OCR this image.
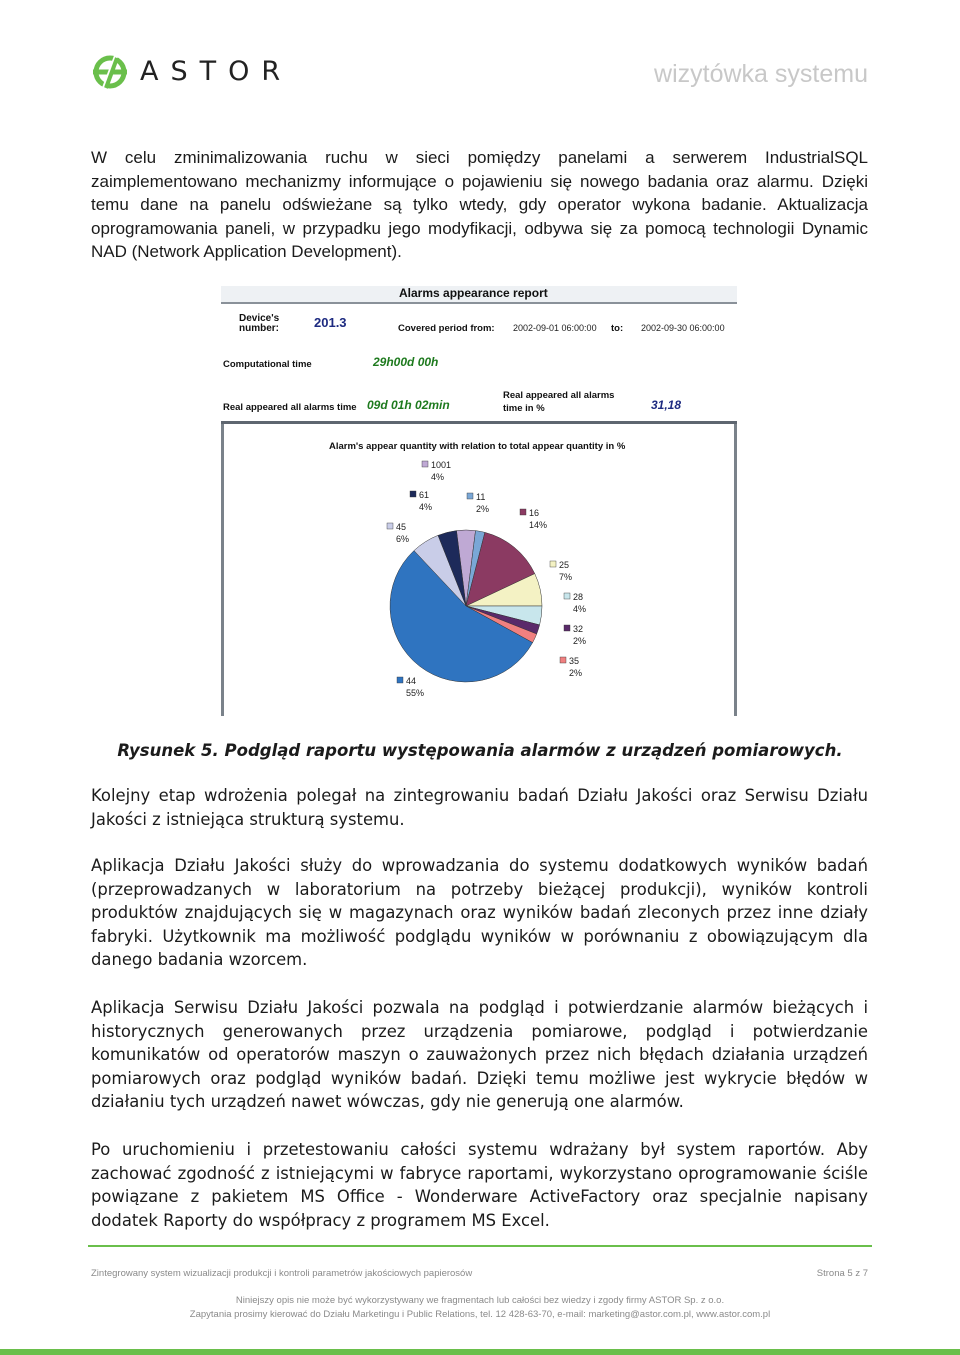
ASTOR	wizytówka systemu
W celu zminimalizowania ruchu w sieci pomiędzy panelami a serwerem IndustrialSQL zaimplementowano mechanizmy informujące o pojawieniu się nowego badania oraz alarmu. Dzięki temu dane na panelu odświeżane są tylko wtedy, gdy operator wykona badanie. Aktualizacja oprogramowania paneli, w przypadku jego modyfikacji, odbywa się za pomocą technologii Dynamic NAD (Network Application Development).
Alarms appearance report
Device's
number:	201.3	Covered period from: 2002-09-01 06:00:00 to: 2002-09-30 06:00:00
Computational time	29h00d 00h
Real appeared all alarms time 09d 01h 02min
Real appeared all alarms
time in %	31,18
Alarm's appear quantity with relation to total appear quantity in %
1001
4%
11
2%	16
14%
25
7%
28
4%
32
2%
35
2%
44
55%
45
6%
61
4%
Rysunek 5. Podgląd raportu występowania alarmów z urządzeń pomiarowych.
Kolejny etap wdrożenia polegał na zintegrowaniu badań Działu Jakości oraz Serwisu Działu Jakości z istniejąca strukturą systemu.
Aplikacja Działu Jakości służy do wprowadzania do systemu dodatkowych wyników badań (przeprowadzanych w laboratorium na potrzeby bieżącej produkcji), wyników kontroli produktów znajdujących się w magazynach oraz wyników badań zleconych przez inne działy fabryki. Użytkownik ma możliwość podglądu wyników w porównaniu z obowiązującym dla danego badania wzorcem.
Aplikacja Serwisu Działu Jakości pozwala na podgląd i potwierdzanie alarmów bieżących i historycznych generowanych przez urządzenia pomiarowe, podgląd i potwierdzanie komunikatów od operatorów maszyn o zauważonych przez nich błędach działania urządzeń pomiarowych oraz podgląd wyników badań. Dzięki temu możliwe jest wykrycie błędów w działaniu tych urządzeń nawet wówczas, gdy nie generują one alarmów.
Po uruchomieniu i przetestowaniu całości systemu wdrażany był system raportów. Aby zachować zgodność z istniejącymi w fabryce raportami, wykorzystano oprogramowanie ściśle powiązane z pakietem MS Office - Wonderware ActiveFactory oraz specjalnie napisany dodatek Raporty do współpracy z programem MS Excel.
Zintegrowany system wizualizacji produkcji i kontroli parametrów jakościowych papierosów	Strona 5 z 7
Niniejszy opis nie może być wykorzystywany we fragmentach lub całości bez wiedzy i zgody firmy ASTOR Sp. z o.o.
Zapytania prosimy kierować do Działu Marketingu i Public Relations, tel. 12 428-63-70, e-mail: marketing@astor.com.pl, www.astor.com.pl
